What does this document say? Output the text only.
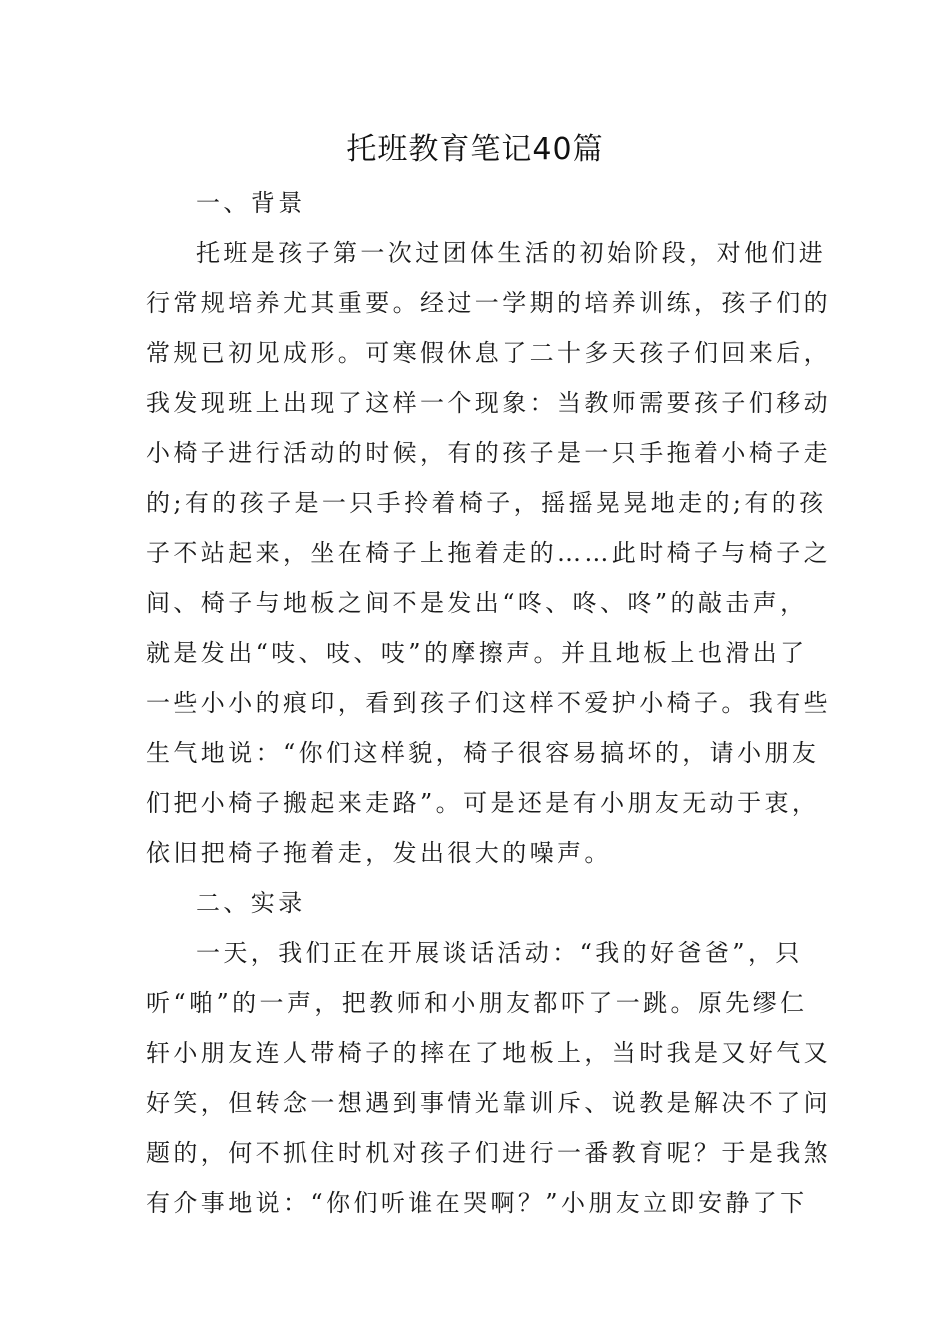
托班教育笔记40篇
一、背景
托班是孩子第一次过团体生活的初始阶段，对他们进
行常规培养尤其重要。经过一学期的培养训练，孩子们的
常规已初见成形。可寒假休息了二十多天孩子们回来后，
我发现班上出现了这样一个现象：当教师需要孩子们移动
小椅子进行活动的时候，有的孩子是一只手拖着小椅子走
的;有的孩子是一只手拎着椅子，摇摇晃晃地走的;有的孩
子不站起来，坐在椅子上拖着走的……此时椅子与椅子之
间、椅子与地板之间不是发出“咚、咚、咚”的敲击声，
就是发出“吱、吱、吱”的摩擦声。并且地板上也滑出了
一些小小的痕印，看到孩子们这样不爱护小椅子。我有些
生气地说：“你们这样貌，椅子很容易搞坏的，请小朋友
们把小椅子搬起来走路”。可是还是有小朋友无动于衷，
依旧把椅子拖着走，发出很大的噪声。
二、实录
一天，我们正在开展谈话活动：“我的好爸爸”，只
听“啪”的一声，把教师和小朋友都吓了一跳。原先缪仁
轩小朋友连人带椅子的摔在了地板上，当时我是又好气又
好笑，但转念一想遇到事情光靠训斥、说教是解决不了问
题的，何不抓住时机对孩子们进行一番教育呢？于是我煞
有介事地说：“你们听谁在哭啊？”小朋友立即安静了下
